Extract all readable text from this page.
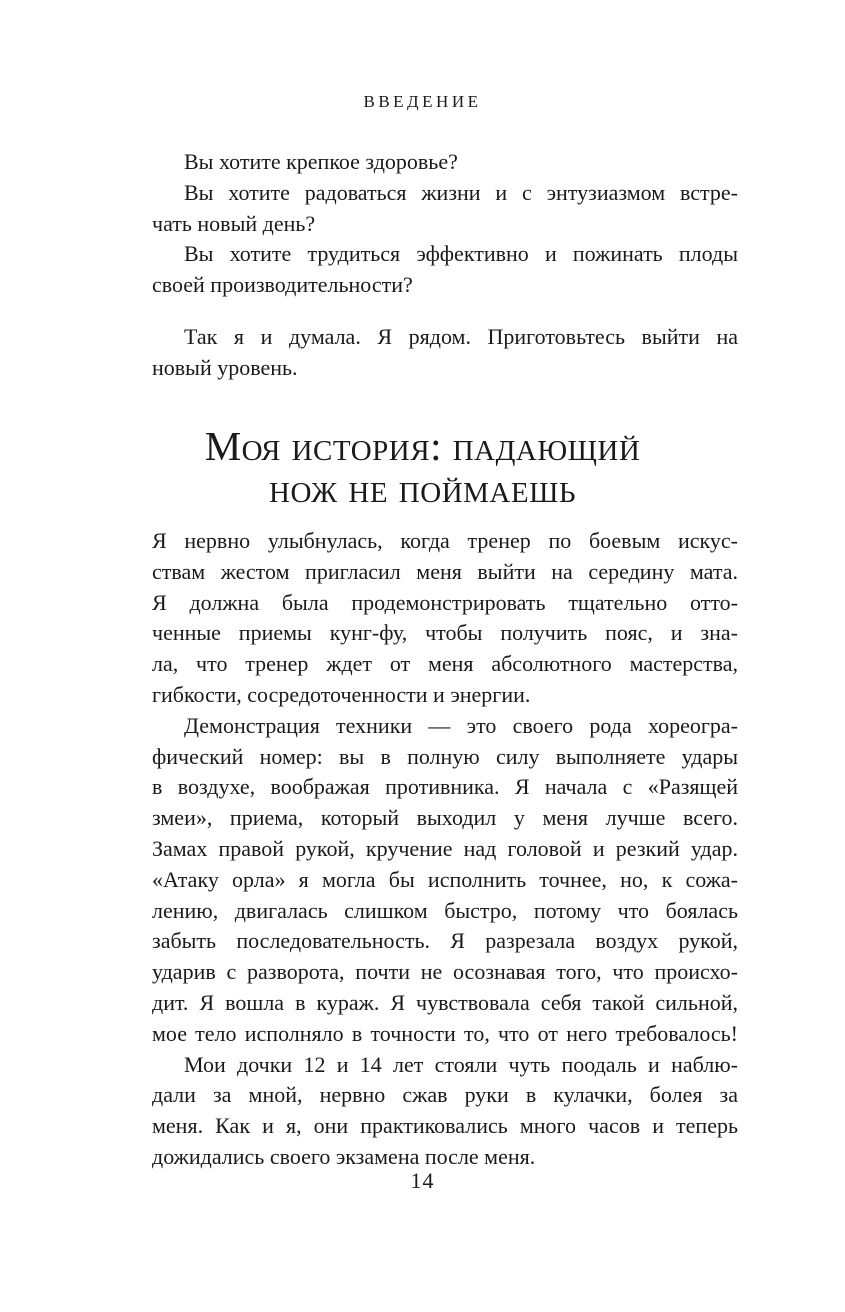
ВВЕДЕНИЕ
Вы хотите крепкое здоровье?
Вы хотите радоваться жизни и с энтузиазмом встре-
чать новый день?
Вы хотите трудиться эффективно и пожинать плоды
своей производительности?
Так я и думала. Я рядом. Приготовьтесь выйти на
новый уровень.
Моя история: падающий
нож не поймаешь
Я нервно улыбнулась, когда тренер по боевым искус-
ствам жестом пригласил меня выйти на середину мата.
Я должна была продемонстрировать тщательно отто-
ченные приемы кунг-фу, чтобы получить пояс, и зна-
ла, что тренер ждет от меня абсолютного мастерства,
гибкости, сосредоточенности и энергии.
Демонстрация техники — это своего рода хореогра-
фический номер: вы в полную силу выполняете удары
в воздухе, воображая противника. Я начала с «Разящей
змеи», приема, который выходил у меня лучше всего.
Замах правой рукой, кручение над головой и резкий удар.
«Атаку орла» я могла бы исполнить точнее, но, к сожа-
лению, двигалась слишком быстро, потому что боялась
забыть последовательность. Я разрезала воздух рукой,
ударив с разворота, почти не осознавая того, что происхо-
дит. Я вошла в кураж. Я чувствовала себя такой сильной,
мое тело исполняло в точности то, что от него требовалось!
Мои дочки 12 и 14 лет стояли чуть поодаль и наблю-
дали за мной, нервно сжав руки в кулачки, болея за
меня. Как и я, они практиковались много часов и теперь
дожидались своего экзамена после меня.
14
